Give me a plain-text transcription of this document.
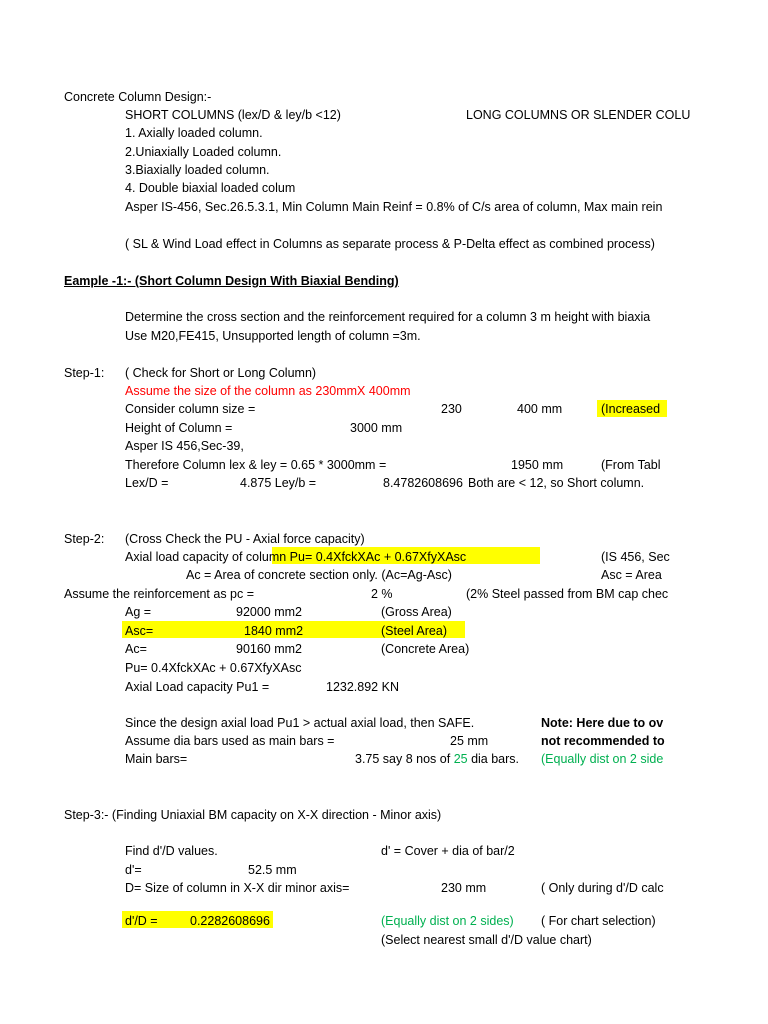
Concrete Column Design:-
SHORT COLUMNS (lex/D & ley/b <12)	LONG COLUMNS OR SLENDER COLU
1. Axially loaded column.
2.Uniaxially Loaded column.
3.Biaxially loaded column.
4. Double biaxial loaded colum
Asper IS-456, Sec.26.5.3.1, Min Column Main Reinf = 0.8% of C/s area of column, Max main rein
( SL & Wind Load effect in Columns as separate process & P-Delta effect as combined process)
Eample -1:- (Short Column Design With Biaxial Bending)
Determine the cross section and the reinforcement required for a column 3 m height with biaxia
Use M20,FE415, Unsupported length of column =3m.
Step-1: ( Check for Short or Long Column)
Assume the size of the column as 230mmX 400mm
Consider column size =	230	400 mm	(Increased
Height of Column =	3000 mm
Asper IS 456,Sec-39,
Therefore Column lex & ley = 0.65 * 3000mm =	1950 mm	(From Tabl
Lex/D =	4.875 Ley/b =	8.4782608696 Both are < 12, so Short column.
Step-2: (Cross Check the PU - Axial force capacity)
Axial load capacity of column Pu= 0.4XfckXAc + 0.67XfyXAsc	(IS 456, Sec
Ac = Area of concrete section only. (Ac=Ag-Asc)	Asc = Area
Assume the reinforcement as pc =	2 %	(2% Steel passed from BM cap chec
Ag =	92000 mm2	(Gross Area)
Asc=	1840 mm2	(Steel Area)
Ac=	90160 mm2	(Concrete Area)
Pu= 0.4XfckXAc + 0.67XfyXAsc
Axial Load capacity Pu1 =	1232.892 KN
Since the design axial load Pu1 > actual axial load, then SAFE.	Note: Here due to ov
Assume dia bars used as main bars =	25 mm	not recommended to
Main bars=	3.75 say 8 nos of 25 dia bars. (Equally dist on 2 side
Step-3:- (Finding Uniaxial BM capacity on X-X direction - Minor axis)
Find d'/D values.	d' = Cover + dia of bar/2
d'=	52.5 mm
D= Size of column in X-X dir minor axis=	230 mm	( Only during d'/D calc
d'/D =	0.2282608696	(Equally dist on 2 sides) ( For chart selection)
(Select nearest small d'/D value chart)
